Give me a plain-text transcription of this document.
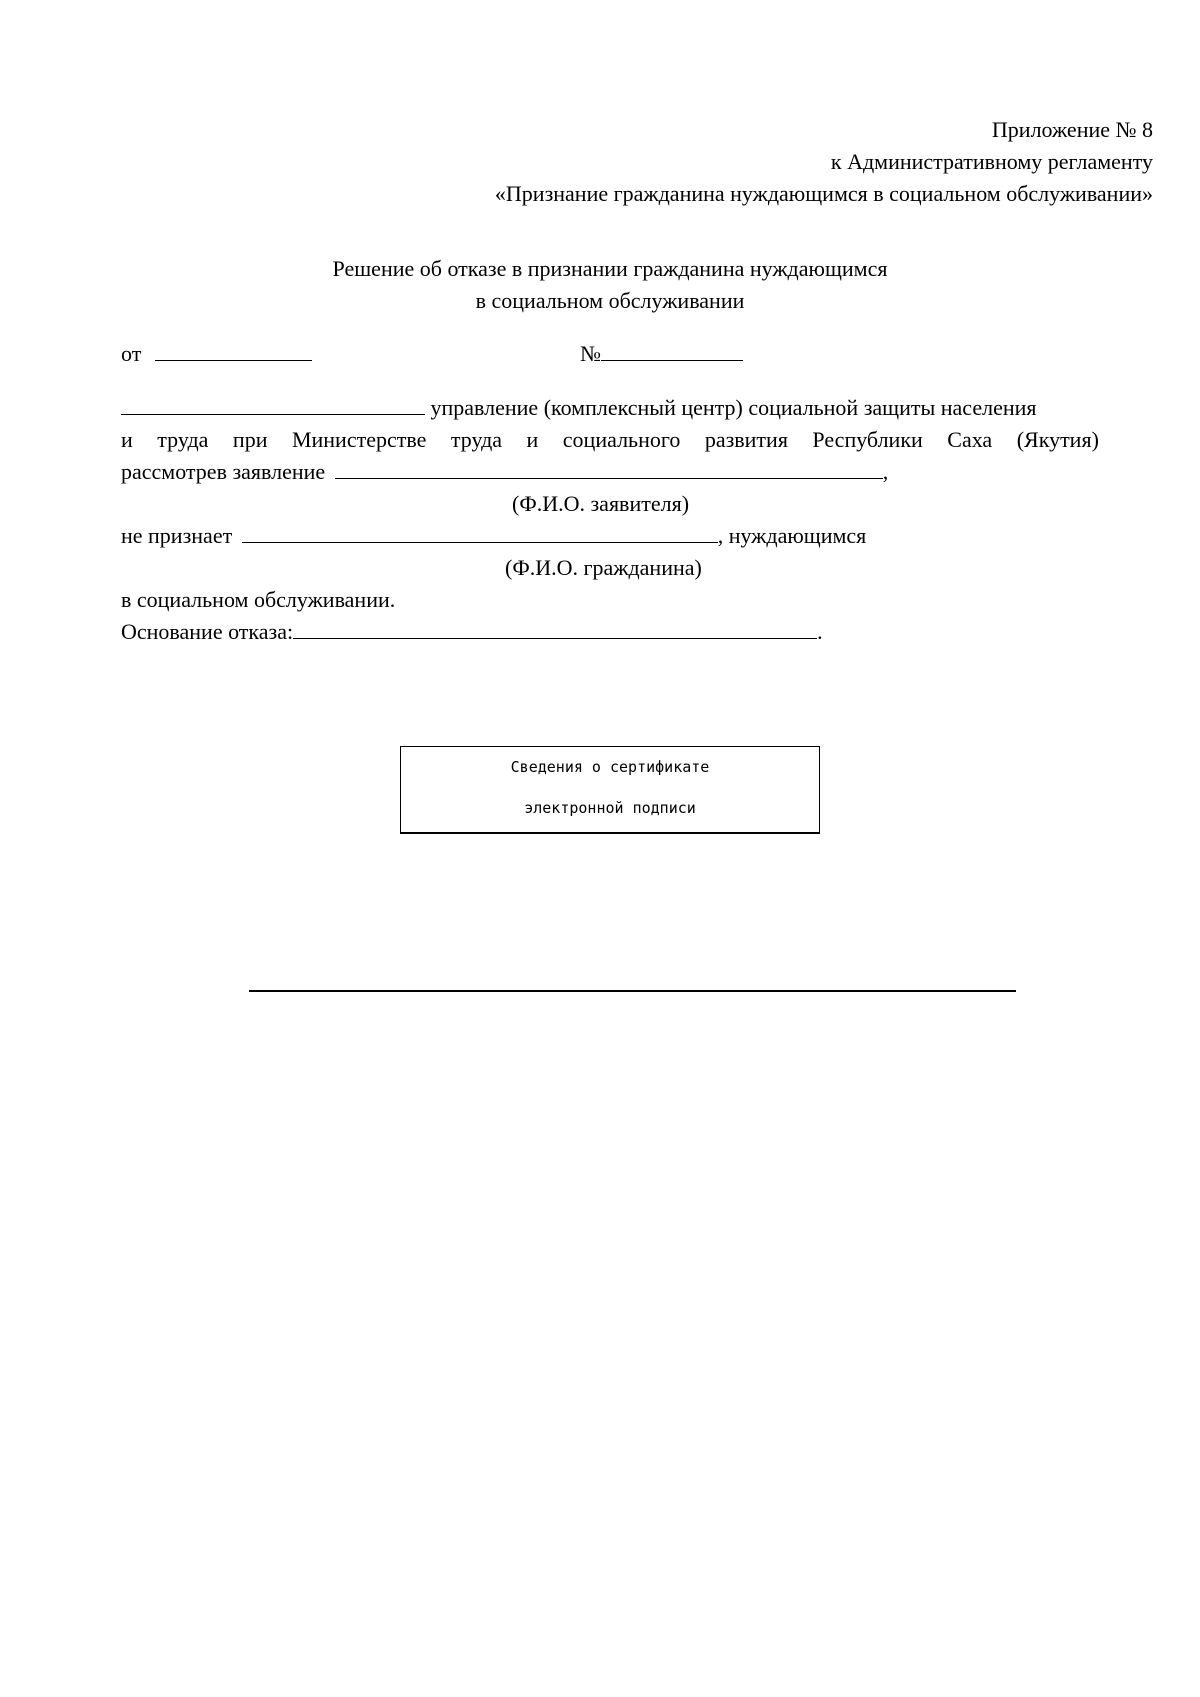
Приложение № 8
к Административному регламенту
«Признание гражданина нуждающимся в социальном обслуживании»
Решение об отказе в признании гражданина нуждающимся
в социальном обслуживании
от	№
управление (комплексный центр) социальной защиты населения
и труда при Министерстве труда и социального развития Республики Саха (Якутия)
рассмотрев заявление	,
(Ф.И.О. заявителя)
не признает	, нуждающимся
(Ф.И.О. гражданина)
в социальном обслуживании.
Основание отказа:	.
Сведения о сертификате
электронной подписи
